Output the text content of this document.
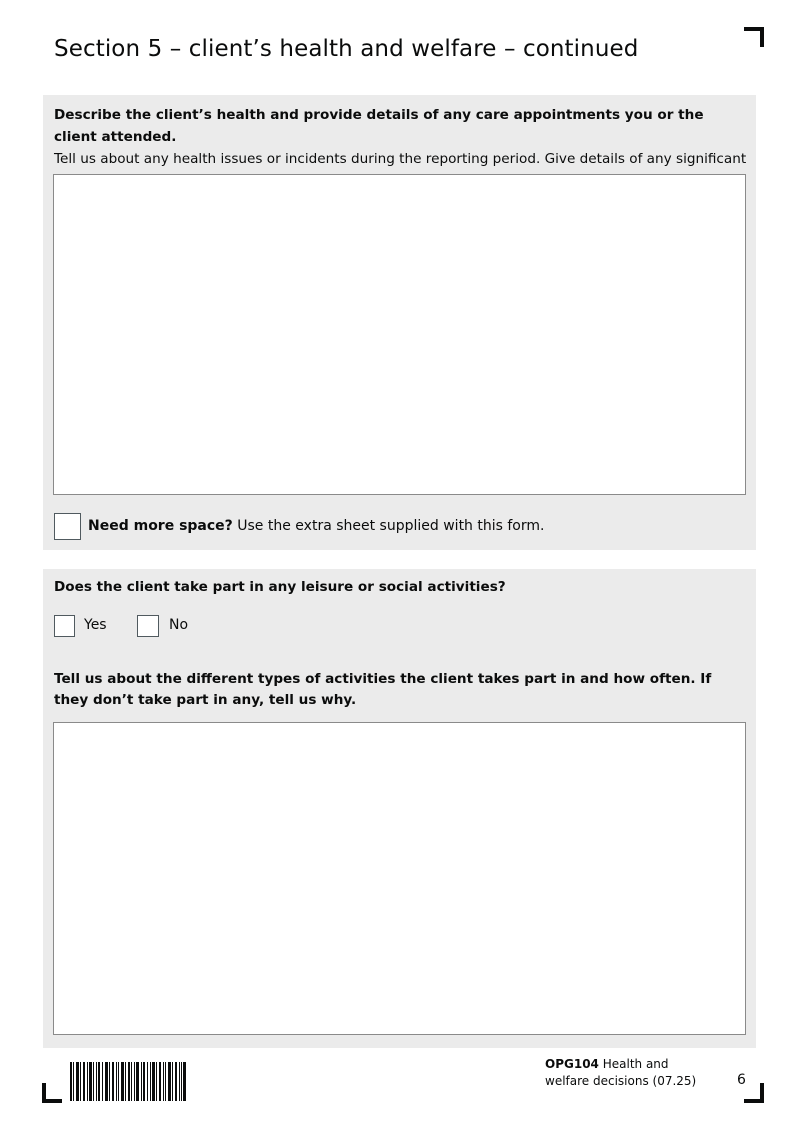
Section 5 – client’s health and welfare – continued

Describe the client’s health and provide details of any care appointments you or the client attended.
Tell us about any health issues or incidents during the reporting period. Give details of any significant

Need more space? Use the extra sheet supplied with this form.

Does the client take part in any leisure or social activities?

Yes	No

Tell us about the different types of activities the client takes part in and how often. If they don’t take part in any, tell us why.

OPG104 Health and
welfare decisions (07.25)	6
